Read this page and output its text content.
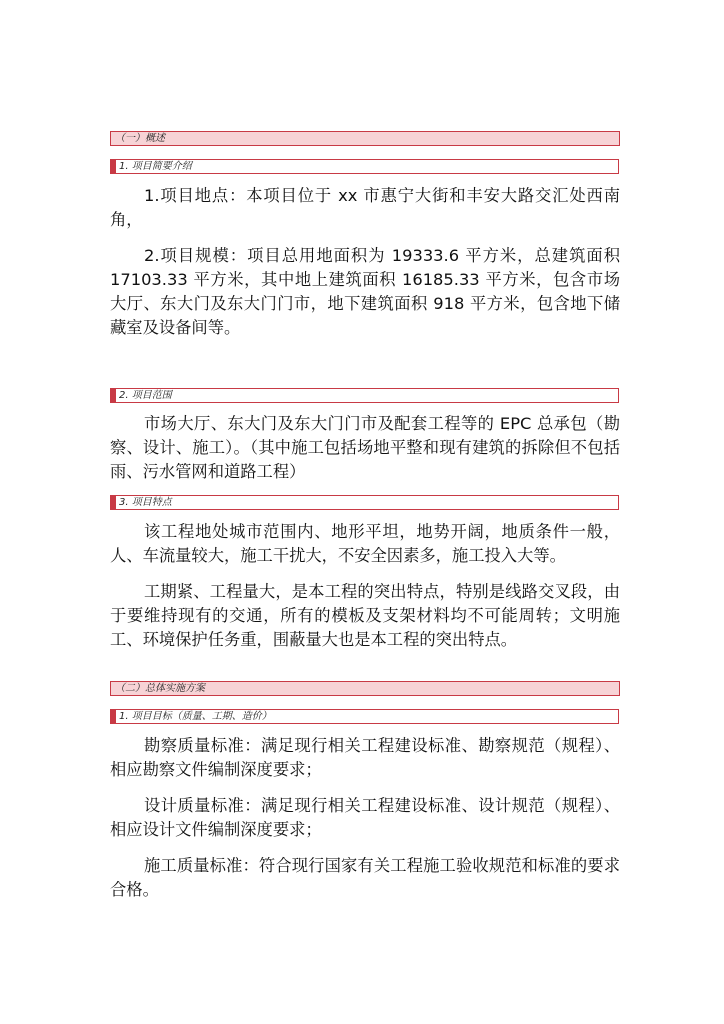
（一）概述
1. 项目简要介绍

1.项目地点：本项目位于 xx 市惠宁大街和丰安大路交汇处西南角，

2.项目规模：项目总用地面积为 19333.6 平方米，总建筑面积 17103.33 平方米，其中地上建筑面积 16185.33 平方米，包含市场大厅、东大门及东大门门市，地下建筑面积 918 平方米，包含地下储藏室及设备间等。

2. 项目范围

市场大厅、东大门及东大门门市及配套工程等的 EPC 总承包（勘察、设计、施工）。（其中施工包括场地平整和现有建筑的拆除但不包括雨、污水管网和道路工程）

3. 项目特点

该工程地处城市范围内、地形平坦，地势开阔，地质条件一般，人、车流量较大，施工干扰大，不安全因素多，施工投入大等。

工期紧、工程量大，是本工程的突出特点，特别是线路交叉段，由于要维持现有的交通，所有的模板及支架材料均不可能周转；文明施工、环境保护任务重，围蔽量大也是本工程的突出特点。

（二）总体实施方案
1. 项目目标（质量、工期、造价）

勘察质量标准：满足现行相关工程建设标准、勘察规范（规程）、相应勘察文件编制深度要求；

设计质量标准：满足现行相关工程建设标准、设计规范（规程）、相应设计文件编制深度要求；

施工质量标准：符合现行国家有关工程施工验收规范和标准的要求合格。
